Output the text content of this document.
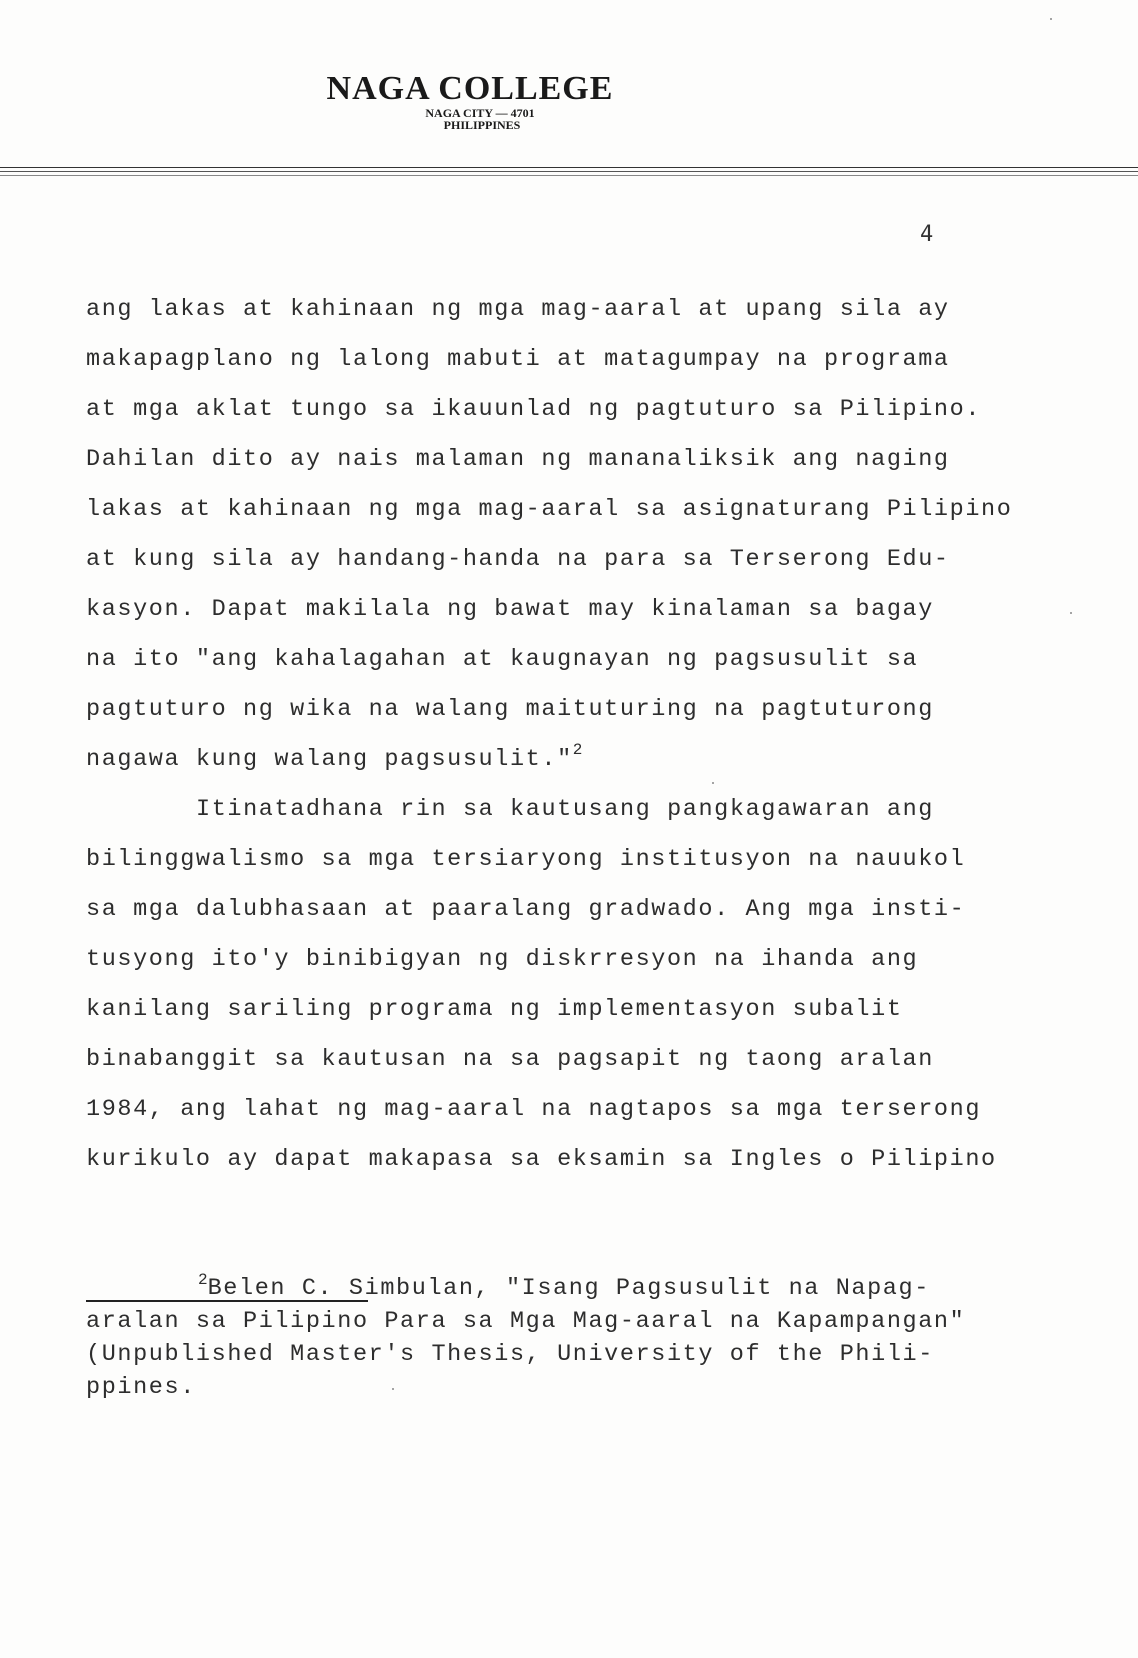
NAGA COLLEGE
NAGA CITY — 4701
PHILIPPINES
4
ang lakas at kahinaan ng mga mag-aaral at upang sila ay
makapagplano ng lalong mabuti at matagumpay na programa
at mga aklat tungo sa ikauunlad ng pagtuturo sa Pilipino.
Dahilan dito ay nais malaman ng mananaliksik ang naging
lakas at kahinaan ng mga mag-aaral sa asignaturang Pilipino
at kung sila ay handang-handa na para sa Terserong Edu-
kasyon. Dapat makilala ng bawat may kinalaman sa bagay
na ito "ang kahalagahan at kaugnayan ng pagsusulit sa
pagtuturo ng wika na walang maituturing na pagtuturong
nagawa kung walang pagsusulit."$^2$
Itinatadhana rin sa kautusang pangkagawaran ang
bilinggwalismo sa mga tersiaryong institusyon na nauukol
sa mga dalubhasaan at paaralang gradwado. Ang mga insti-
tusyong ito'y binibigyan ng diskrresyon na ihanda ang
kanilang sariling programa ng implementasyon subalit
binabanggit sa kautusan na sa pagsapit ng taong aralan
1984, ang lahat ng mag-aaral na nagtapos sa mga terserong
kurikulo ay dapat makapasa sa eksamin sa Ingles o Pilipino
$^2$Belen C. Simbulan, "Isang Pagsusulit na Napag-
aralan sa Pilipino Para sa Mga Mag-aaral na Kapampangan"
(Unpublished Master's Thesis, University of the Phili-
ppines.
